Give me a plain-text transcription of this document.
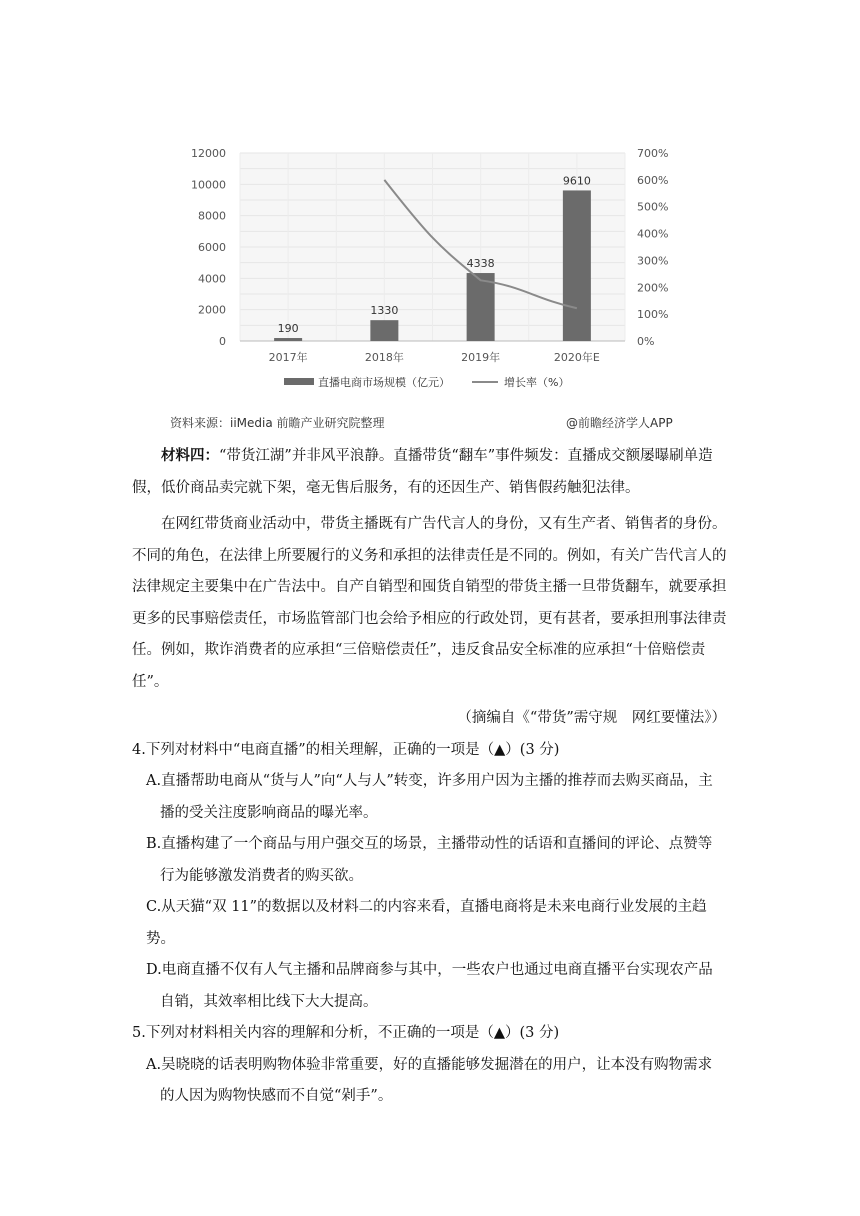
12000
10000
8000
6000
4000
2000
0
700%
600%
500%
400%
300%
200%
100%
0%
190
1330
4338
9610
2017年	2018年	2019年	2020年E
直播电商市场规模（亿元）	增长率（%）
资料来源：iiMedia 前瞻产业研究院整理	@前瞻经济学人APP

材料四：“带货江湖”并非风平浪静。直播带货“翻车”事件频发：直播成交额屡曝刷单造假，低价商品卖完就下架，毫无售后服务，有的还因生产、销售假药触犯法律。

在网红带货商业活动中，带货主播既有广告代言人的身份，又有生产者、销售者的身份。不同的角色，在法律上所要履行的义务和承担的法律责任是不同的。例如，有关广告代言人的法律规定主要集中在广告法中。自产自销型和囤货自销型的带货主播一旦带货翻车，就要承担更多的民事赔偿责任，市场监管部门也会给予相应的行政处罚，更有甚者，要承担刑事法律责任。例如，欺诈消费者的应承担“三倍赔偿责任”，违反食品安全标准的应承担“十倍赔偿责任”。

（摘编自《“带货”需守规　网红要懂法》）

4.下列对材料中“电商直播”的相关理解，正确的一项是（▲）(3 分)

A.直播帮助电商从“货与人”向“人与人”转变，许多用户因为主播的推荐而去购买商品，主

播的受关注度影响商品的曝光率。

B.直播构建了一个商品与用户强交互的场景，主播带动性的话语和直播间的评论、点赞等

行为能够激发消费者的购买欲。

C.从天猫“双 11”的数据以及材料二的内容来看，直播电商将是未来电商行业发展的主趋势。

D.电商直播不仅有人气主播和品牌商参与其中，一些农户也通过电商直播平台实现农产品

自销，其效率相比线下大大提高。

5.下列对材料相关内容的理解和分析，不正确的一项是（▲）(3 分)

A.吴晓晓的话表明购物体验非常重要，好的直播能够发掘潜在的用户，让本没有购物需求

的人因为购物快感而不自觉“剁手”。
